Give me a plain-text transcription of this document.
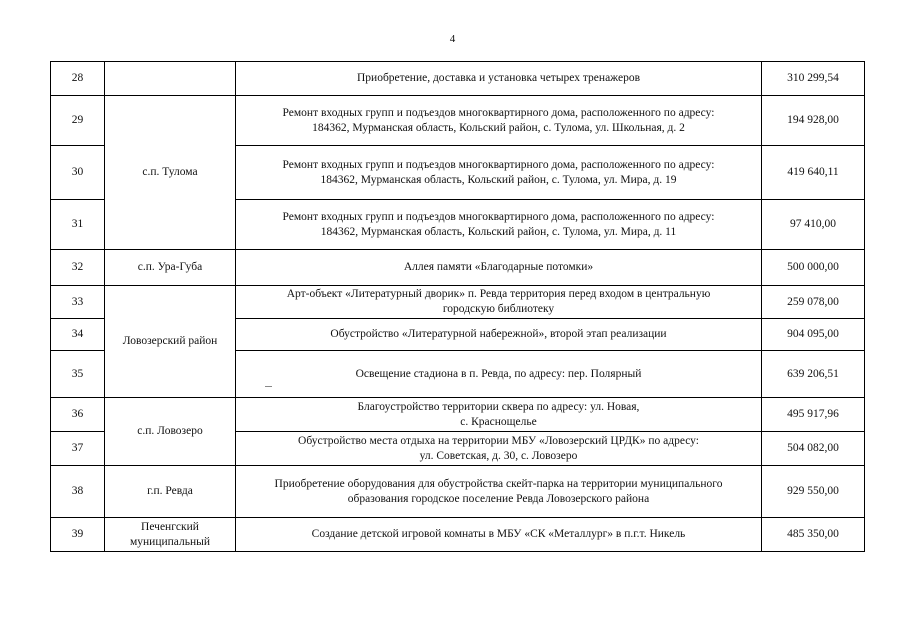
4
28		Приобретение, доставка и установка четырех тренажеров	310 299,54
29	с.п. Тулома	Ремонт входных групп и подъездов многоквартирного дома, расположенного по адресу:
184362, Мурманская область, Кольский район, с. Тулома, ул. Школьная, д. 2	194 928,00
30		Ремонт входных групп и подъездов многоквартирного дома, расположенного по адресу:
184362, Мурманская область, Кольский район, с. Тулома, ул. Мира, д. 19	419 640,11
31		Ремонт входных групп и подъездов многоквартирного дома, расположенного по адресу:
184362, Мурманская область, Кольский район, с. Тулома, ул. Мира, д. 11	97 410,00
32	с.п. Ура-Губа	Аллея памяти «Благодарные потомки»	500 000,00
33	Ловозерский район	Арт-объект «Литературный дворик» п. Ревда территория перед входом в центральную
городскую библиотеку	259 078,00
34		Обустройство «Литературной набережной», второй этап реализации	904 095,00
35		Освещение стадиона в п. Ревда, по адресу: пер. Полярный	639 206,51
36	с.п. Ловозеро	Благоустройство территории сквера по адресу: ул. Новая,
с. Краснощелье	495 917,96
37		Обустройство места отдыха на территории МБУ «Ловозерский ЦРДК» по адресу:
ул. Советская, д. 30, с. Ловозеро	504 082,00
38	г.п. Ревда	Приобретение оборудования для обустройства скейт-парка на территории муниципального
образования городское поселение Ревда Ловозерского района	929 550,00
39	Печенгский
муниципальный	Создание детской игровой комнаты в МБУ «СК «Металлург» в п.г.т. Никель	485 350,00
